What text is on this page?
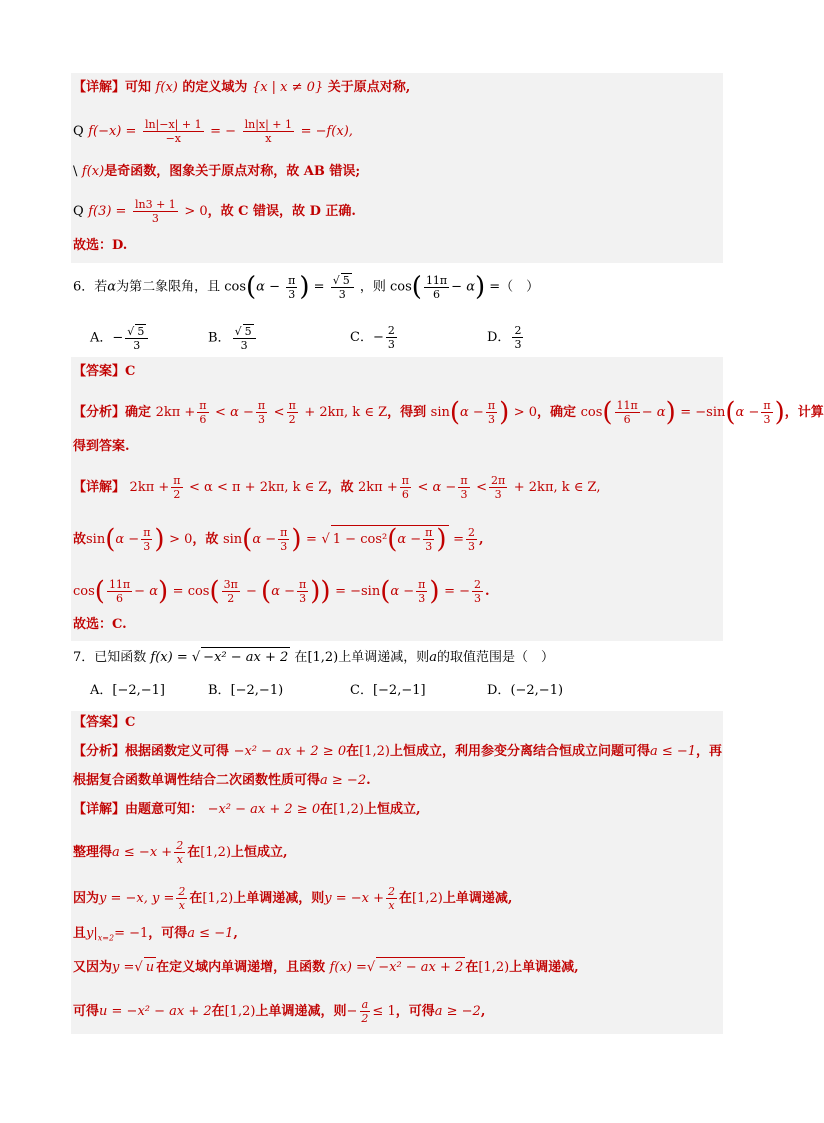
【详解】可知 f(x) 的定义域为 {x | x ≠ 0} 关于原点对称,
Q $f(-x) = \frac{\ln|-x| + 1}{-x}$ = − $\frac{\ln|x| + 1}{x} = -f(x)$,
\ f(x)是奇函数，图象关于原点对称，故 AB 错误;
Q $f(3) = \frac{\ln 3 + 1}{3} > 0$，故 C 错误，故 D 正确.
故选：D.
6．若α为第二象限角，且 $\cos(\alpha - \frac{\pi}{3}$ ) = $\frac{√ 5}{3}$ ，则 $\cos( \frac{11\pi}{6} - \alpha)$ =（　）
A．− $\frac{√ 5}{3}$	B． $\frac{√ 5}{3}$	C．− $\frac{2}{3}$	D． $\frac{2}{3}$
【答案】C
【分析】确定 $2k\pi + \frac{\pi}{6} < \alpha - \frac{\pi}{3} < \frac{\pi}{2} + 2k\pi$, k ∈ Z，得到 $\sin(\alpha - \frac{\pi}{3}$ ) > 0，确定 $\cos( \frac{11\pi}{6} - \alpha) = -\sin(\alpha - \frac{\pi}{3}$ )，计算
得到答案.
【详解】 $2k\pi + \frac{\pi}{2} < \alpha < \pi + 2k\pi$, k ∈ Z，故 $2k\pi + \frac{\pi}{6} < \alpha - \frac{\pi}{3} < \frac{2\pi}{3} + 2k\pi$, k ∈ Z,
故$\sin(\alpha - \frac{\pi}{3}$ ) > 0，故 $\sin(\alpha - \frac{\pi}{3}$ ) = √ $1 - \cos^2(\alpha - \frac{\pi}{3}$ ) = $\frac{2}{3}$ ,
$\cos( \frac{11\pi}{6} - \alpha) = \cos( \frac{3\pi}{2} - (\alpha - \frac{\pi}{3}$ )) = $-\sin(\alpha - \frac{\pi}{3}$ ) = − $\frac{2}{3}$ .
故选：C.
7．已知函数 f(x) = √ −x² − ax + 2 在[1,2)上单调递减，则a的取值范围是（　）
A．[−2,−1]	B．[−2,−1)	C．[−2,−1]	D．(−2,−1)
【答案】C
【分析】根据函数定义可得 −x² − ax + 2 ≥ 0在[1,2)上恒成立，利用参变分离结合恒成立问题可得a ≤ −1，再
根据复合函数单调性结合二次函数性质可得a ≥ −2.
【详解】由题意可知： −x² − ax + 2 ≥ 0在[1,2)上恒成立,
整理得$a \le -x + \frac{2}{x}$ 在[1,2)上恒成立,
因为y = −x, $y = \frac{2}{x}$ 在[1,2)上单调递减，则$y = -x + \frac{2}{x}$ 在[1,2)上单调递减,
且$y|_{x=2}= -1$，可得a ≤ −1,
又因为y =√ u 在定义域内单调递增，且函数 f(x) =√ −x² − ax + 2 在[1,2)上单调递减,
可得u = −x² − ax + 2在[1,2)上单调递减，则− $\frac{a}{2} \le 1$，可得a ≥ −2,
